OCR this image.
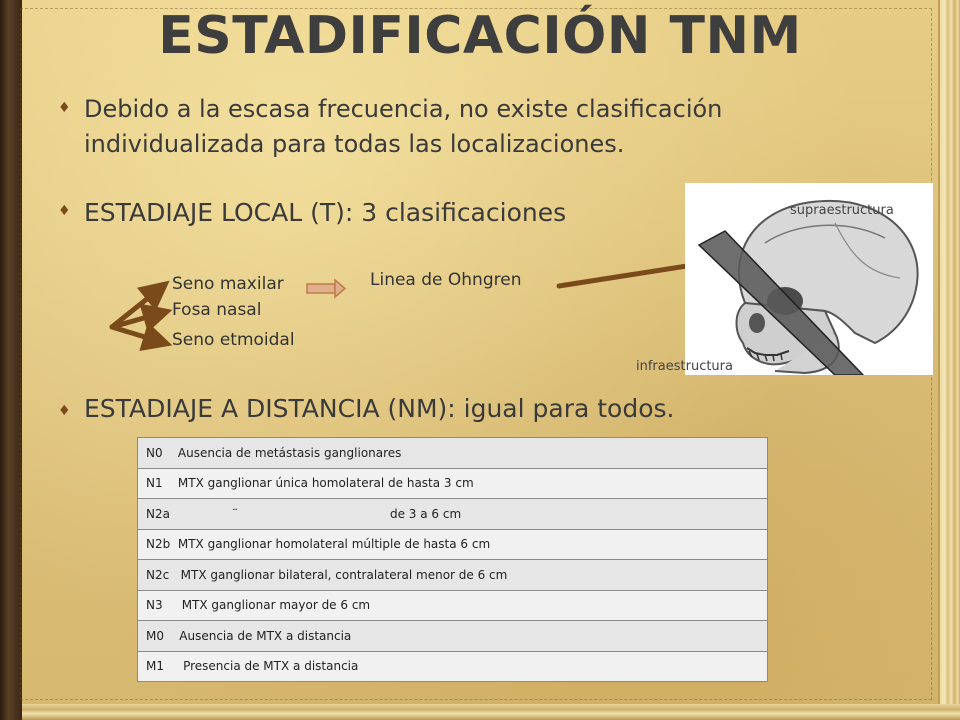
ESTADIFICACIÓN TNM
♦ Debido a la escasa frecuencia, no existe clasificación
individualizada para todas las localizaciones.
♦ ESTADIAJE LOCAL (T): 3 clasificaciones
Seno maxilar
Fosa nasal
Seno etmoidal
Linea de Ohngren
supraestructura
infraestructura
♦ ESTADIAJE A DISTANCIA (NM): igual para todos.
N0 Ausencia de metástasis ganglionares
N1 MTX ganglionar única homolateral de hasta 3 cm
N2a	¨	de 3 a 6 cm
N2b MTX ganglionar homolateral múltiple de hasta 6 cm
N2c MTX ganglionar bilateral, contralateral menor de 6 cm
N3 MTX ganglionar mayor de 6 cm
M0 Ausencia de MTX a distancia
M1 Presencia de MTX a distancia
